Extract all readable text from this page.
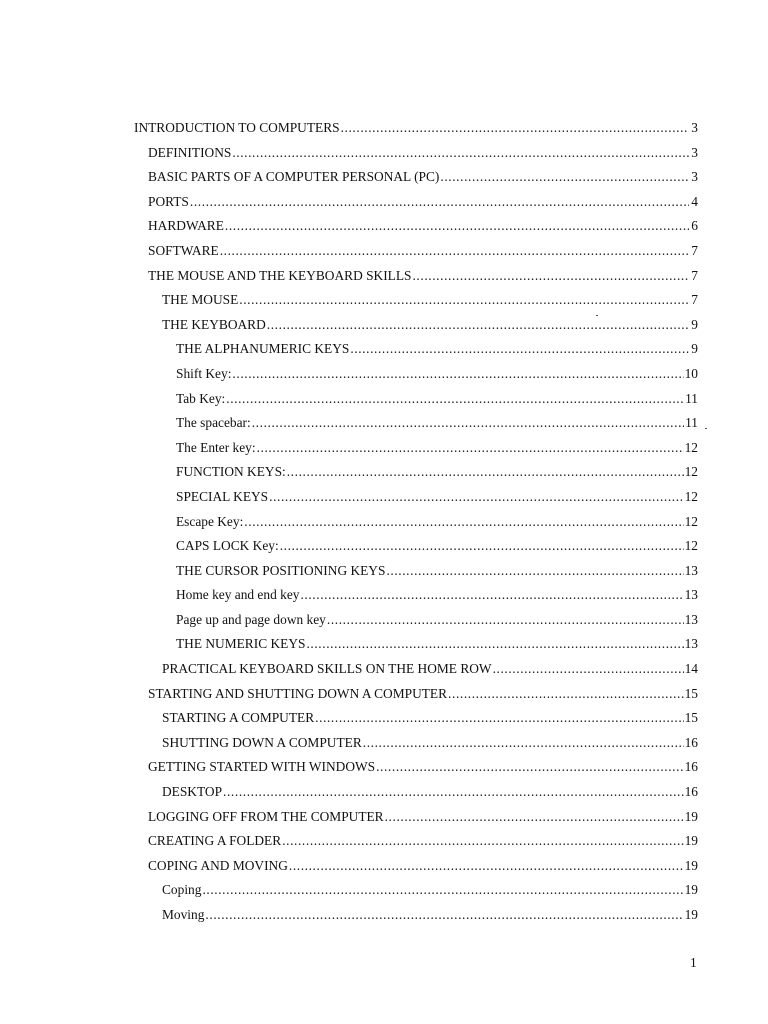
INTRODUCTION TO COMPUTERS .....	3
DEFINITIONS .....	3
BASIC PARTS OF A COMPUTER PERSONAL (PC) .....	3
PORTS .....	4
HARDWARE .....	6
SOFTWARE .....	7
THE MOUSE AND THE KEYBOARD SKILLS .....	7
THE MOUSE .....	7
THE KEYBOARD .....	9
THE ALPHANUMERIC KEYS .....	9
Shift Key: .....	10
Tab Key: .....	11
The spacebar: .....	11
The Enter key: .....	12
FUNCTION KEYS: .....	12
SPECIAL KEYS .....	12
Escape Key: .....	12
CAPS LOCK Key: .....	12
THE CURSOR POSITIONING KEYS .....	13
Home key and end key .....	13
Page up and page down key .....	13
THE NUMERIC KEYS .....	13
PRACTICAL KEYBOARD SKILLS ON THE HOME ROW .....	14
STARTING AND SHUTTING DOWN A COMPUTER .....	15
STARTING A COMPUTER .....	15
SHUTTING DOWN A COMPUTER .....	16
GETTING STARTED WITH WINDOWS .....	16
DESKTOP .....	16
LOGGING OFF FROM THE COMPUTER .....	19
CREATING A FOLDER .....	19
COPING AND MOVING .....	19
Coping .....	19
Moving .....	19
1
